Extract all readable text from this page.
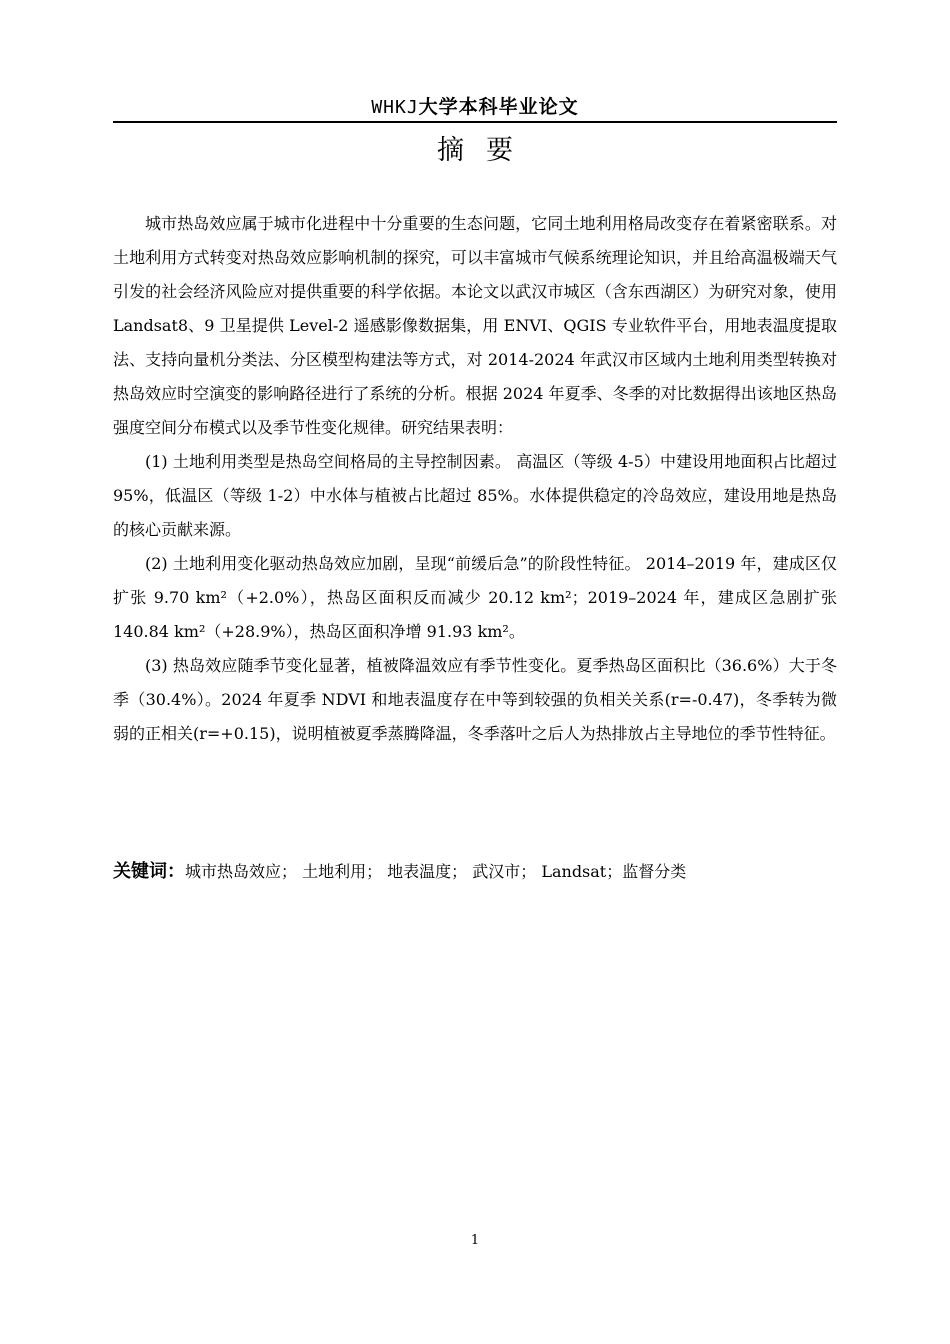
WHKJ大学本科毕业论文
摘要

城市热岛效应属于城市化进程中十分重要的生态问题，它同土地利用格局改变存在着紧密联系。对土地利用方式转变对热岛效应影响机制的探究，可以丰富城市气候系统理论知识，并且给高温极端天气引发的社会经济风险应对提供重要的科学依据。本论文以武汉市城区（含东西湖区）为研究对象，使用 Landsat8、9 卫星提供 Level-2 遥感影像数据集，用 ENVI、QGIS 专业软件平台，用地表温度提取法、支持向量机分类法、分区模型构建法等方式，对 2014-2024 年武汉市区域内土地利用类型转换对热岛效应时空演变的影响路径进行了系统的分析。根据 2024 年夏季、冬季的对比数据得出该地区热岛强度空间分布模式以及季节性变化规律。研究结果表明：

(1) 土地利用类型是热岛空间格局的主导控制因素。 高温区（等级 4-5）中建设用地面积占比超过 95%，低温区（等级 1-2）中水体与植被占比超过 85%。水体提供稳定的冷岛效应，建设用地是热岛的核心贡献来源。

(2) 土地利用变化驱动热岛效应加剧，呈现“前缓后急”的阶段性特征。 2014–2019 年，建成区仅扩张 9.70 km²（+2.0%），热岛区面积反而减少 20.12 km²；2019–2024 年，建成区急剧扩张 140.84 km²（+28.9%），热岛区面积净增 91.93 km²。

(3) 热岛效应随季节变化显著，植被降温效应有季节性变化。夏季热岛区面积比（36.6%）大于冬季（30.4%）。2024 年夏季 NDVI 和地表温度存在中等到较强的负相关关系(r=-0.47)，冬季转为微弱的正相关(r=+0.15)，说明植被夏季蒸腾降温，冬季落叶之后人为热排放占主导地位的季节性特征。

关键词：城市热岛效应； 土地利用； 地表温度； 武汉市； Landsat；监督分类
1
